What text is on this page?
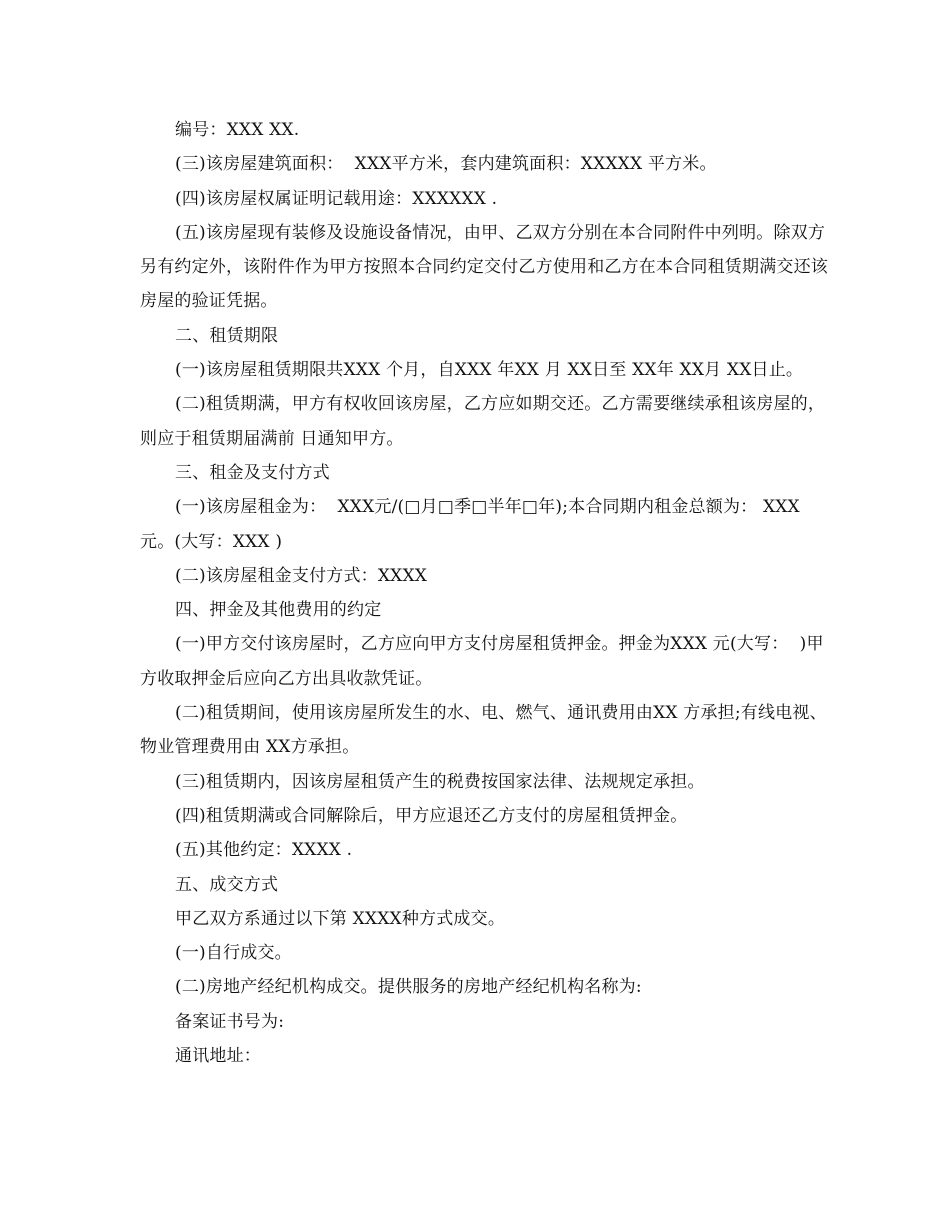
编号：XXX XX.

(三)该房屋建筑面积：  XXX平方米，套内建筑面积：XXXXX 平方米。

(四)该房屋权属证明记载用途：XXXXXX .

(五)该房屋现有装修及设施设备情况，由甲、乙双方分别在本合同附件中列明。除双方另有约定外，该附件作为甲方按照本合同约定交付乙方使用和乙方在本合同租赁期满交还该房屋的验证凭据。

二、租赁期限

(一)该房屋租赁期限共XXX 个月，自XXX 年XX 月 XX日至 XX年 XX月 XX日止。

(二)租赁期满，甲方有权收回该房屋，乙方应如期交还。乙方需要继续承租该房屋的，则应于租赁期届满前 日通知甲方。

三、租金及支付方式

(一)该房屋租金为：  XXX元/(□月□季□半年□年);本合同期内租金总额为： XXX元。(大写：XXX )

(二)该房屋租金支付方式：XXXX

四、押金及其他费用的约定

(一)甲方交付该房屋时，乙方应向甲方支付房屋租赁押金。押金为XXX 元(大写：  )甲方收取押金后应向乙方出具收款凭证。

(二)租赁期间，使用该房屋所发生的水、电、燃气、通讯费用由XX 方承担;有线电视、物业管理费用由 XX方承担。

(三)租赁期内，因该房屋租赁产生的税费按国家法律、法规规定承担。

(四)租赁期满或合同解除后，甲方应退还乙方支付的房屋租赁押金。

(五)其他约定：XXXX .

五、成交方式

甲乙双方系通过以下第 XXXX种方式成交。

(一)自行成交。

(二)房地产经纪机构成交。提供服务的房地产经纪机构名称为:

备案证书号为:

通讯地址：
